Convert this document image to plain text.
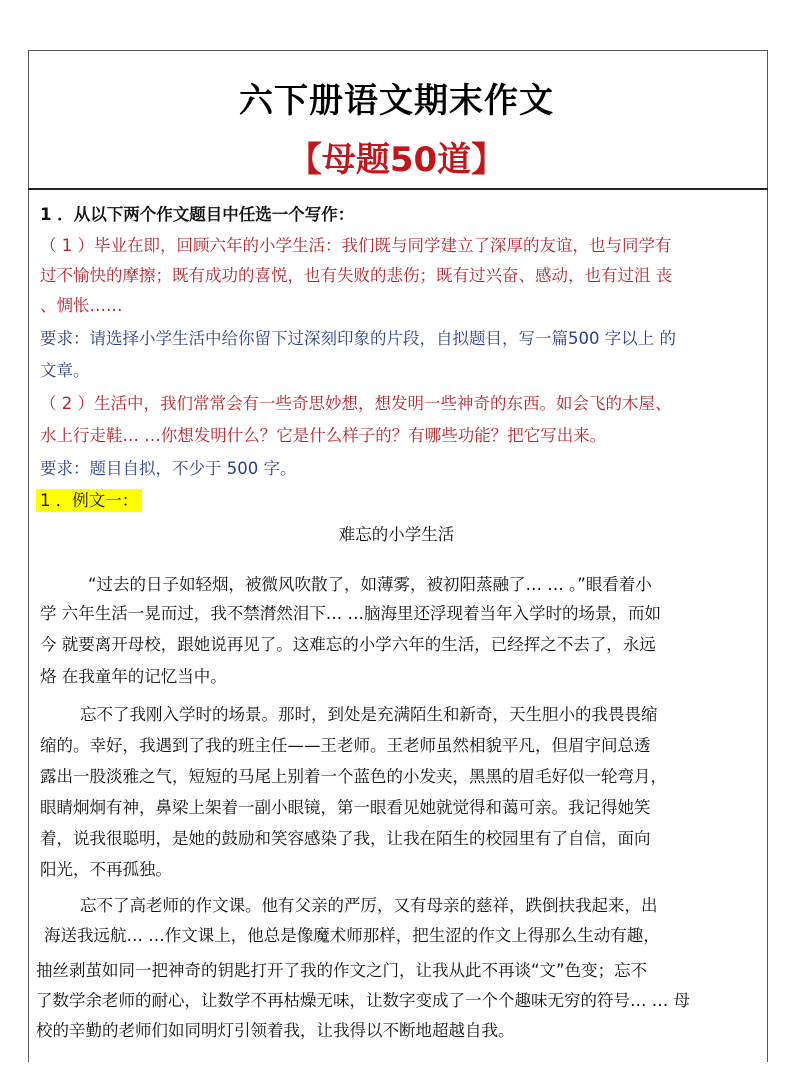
六下册语文期末作文
【母题50道】
1 ．从以下两个作文题目中任选一个写作：
（ 1 ）毕业在即，回顾六年的小学生活：我们既与同学建立了深厚的友谊，也与同学有
过不愉快的摩擦；既有成功的喜悦，也有失败的悲伤；既有过兴奋、感动，也有过沮 丧
、惆怅……
要求：请选择小学生活中给你留下过深刻印象的片段，自拟题目，写一篇500 字以上 的
文章。
（ 2 ）生活中，我们常常会有一些奇思妙想，想发明一些神奇的东西。如会飞的木屋、
水上行走鞋… …你想发明什么？它是什么样子的？有哪些功能？把它写出来。
要求：题目自拟，不少于 500 字。
1 ．例文一：
难忘的小学生活
“过去的日子如轻烟，被微风吹散了，如薄雾，被初阳蒸融了… … 。”眼看着小
学 六年生活一晃而过，我不禁潸然泪下… …脑海里还浮现着当年入学时的场景，而如
今 就要离开母校，跟她说再见了。这难忘的小学六年的生活，已经挥之不去了，永远
烙 在我童年的记忆当中。
忘不了我刚入学时的场景。那时，到处是充满陌生和新奇，天生胆小的我畏畏缩
缩的。幸好，我遇到了我的班主任——王老师。王老师虽然相貌平凡，但眉宇间总透
露出一股淡雅之气，短短的马尾上别着一个蓝色的小发夹，黑黑的眉毛好似一轮弯月，
眼睛炯炯有神，鼻梁上架着一副小眼镜，第一眼看见她就觉得和蔼可亲。我记得她笑
着，说我很聪明，是她的鼓励和笑容感染了我，让我在陌生的校园里有了自信，面向
阳光，不再孤独。
忘不了高老师的作文课。他有父亲的严厉，又有母亲的慈祥，跌倒扶我起来，出
海送我远航… …作文课上，他总是像魔术师那样，把生涩的作文上得那么生动有趣，
抽丝剥茧如同一把神奇的钥匙打开了我的作文之门，让我从此不再谈“文”色变；忘不
了数学余老师的耐心，让数学不再枯燥无味，让数字变成了一个个趣味无穷的符号… … 母
校的辛勤的老师们如同明灯引领着我，让我得以不断地超越自我。
